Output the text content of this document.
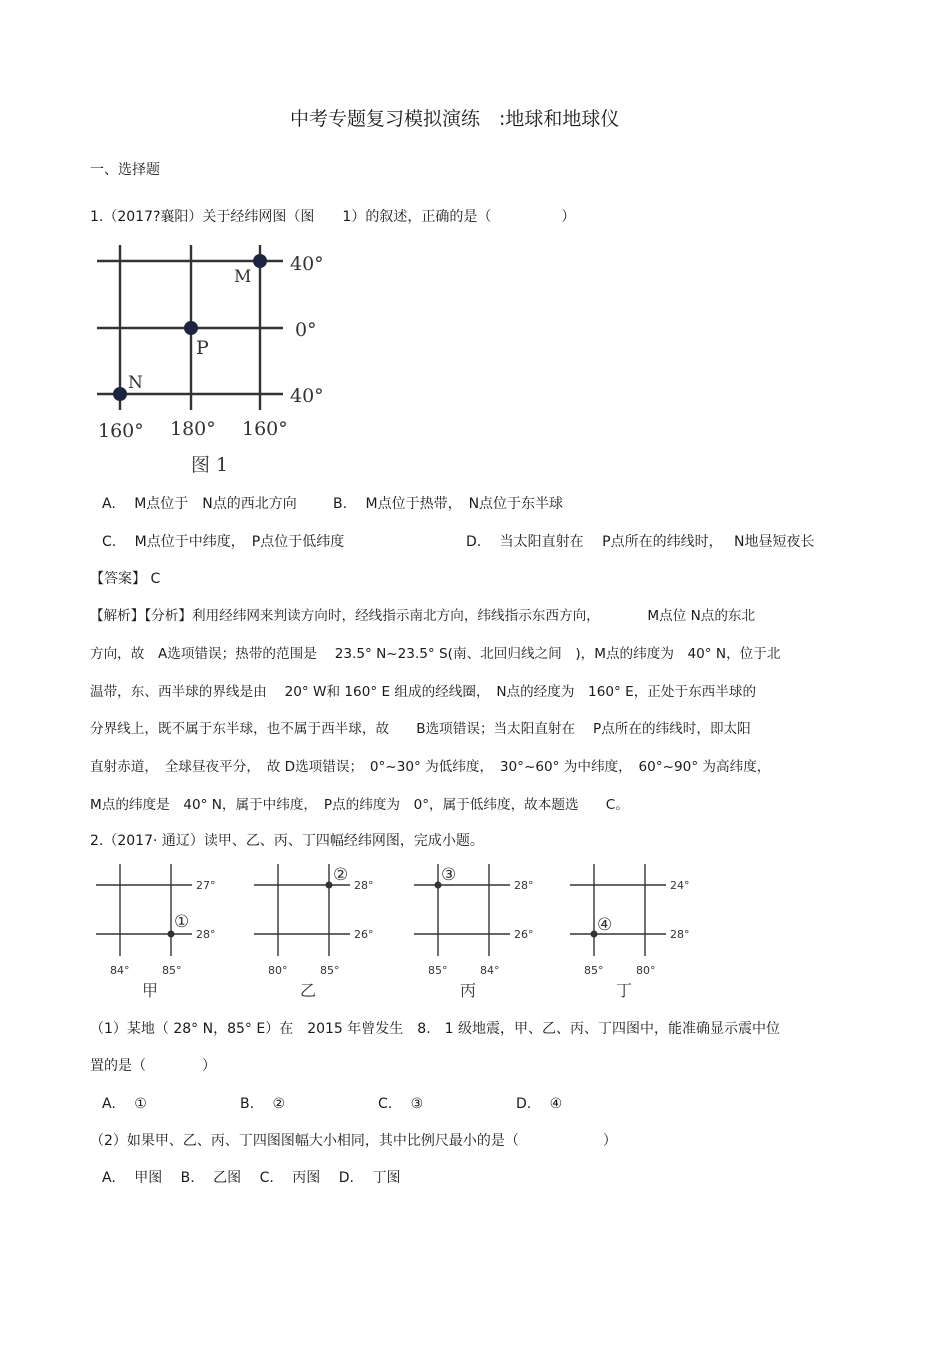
中考专题复习模拟演练　:地球和地球仪
一、选择题
1.（2017?襄阳）关于经纬网图（图　　1）的叙述，正确的是（　　　　　）
M
P
N
40°
0°
40°
160° 180° 160°
图 1
A.　 M点位于　N点的西北方向	B.　 M点位于热带，　N点位于东半球
C.　 M点位于中纬度，　P点位于低纬度	D.　 当太阳直射在　 P点所在的纬线时，　 N地昼短夜长
【答案】 C
【解析】【分析】利用经纬网来判读方向时，经线指示南北方向，纬线指示东西方向，　　　　M点位 N点的东北
方向，故　A选项错误；热带的范围是　 23.5° N~23.5° S(南、北回归线之间　)，M点的纬度为　40° N，位于北
温带，东、西半球的界线是由　 20° W和 160° E 组成的经线圈，　N点的经度为　160° E，正处于东西半球的
分界线上，既不属于东半球，也不属于西半球，故　　B选项错误；当太阳直射在　 P点所在的纬线时，即太阳
直射赤道，　全球昼夜平分，　故 D选项错误；　0°~30° 为低纬度，　30°~60° 为中纬度，　60°~90° 为高纬度，
M点的纬度是　40° N，属于中纬度，　P点的纬度为　0°，属于低纬度，故本题选　　C。
2.（2017· 通辽）读甲、乙、丙、丁四幅经纬网图，完成小题。
①
27°
28°
84°	85°
甲
②
28°
26°
80°	85°
乙
③
28°
26°
85°	84°
丙
④
24°
28°
85°	80°
丁
（1）某地（ 28° N，85° E）在　2015 年曾发生　8.　1 级地震，甲、乙、丙、丁四图中，能准确显示震中位
置的是（　　　　）
A.　 ①	B.　 ②	C.　 ③	D.　 ④
（2）如果甲、乙、丙、丁四图图幅大小相同，其中比例尺最小的是（　　　　　　）
A.　 甲图　 B.　 乙图　 C.　 丙图　 D.　 丁图
